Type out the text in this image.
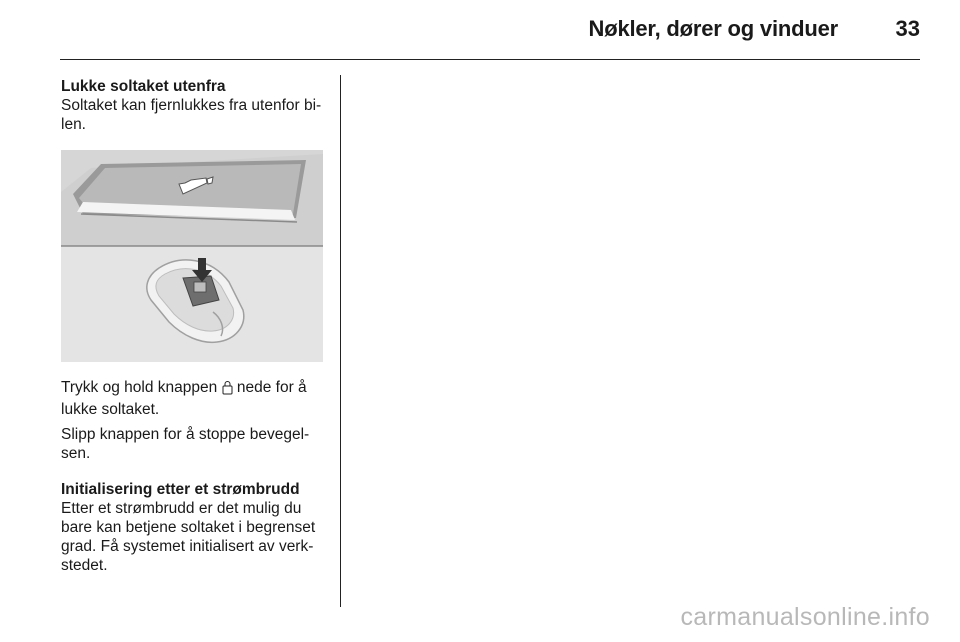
Nøkler, dører og vinduer	33

Lukke soltaket utenfra

Soltaket kan fjernlukkes fra utenfor bi-len.

Trykk og hold knappen  nede for å lukke soltaket.

Slipp knappen for å stoppe bevegel-sen.

Initialisering etter et strømbrudd

Etter et strømbrudd er det mulig du bare kan betjene soltaket i begrenset grad. Få systemet initialisert av verk-stedet.

carmanualsonline.info
